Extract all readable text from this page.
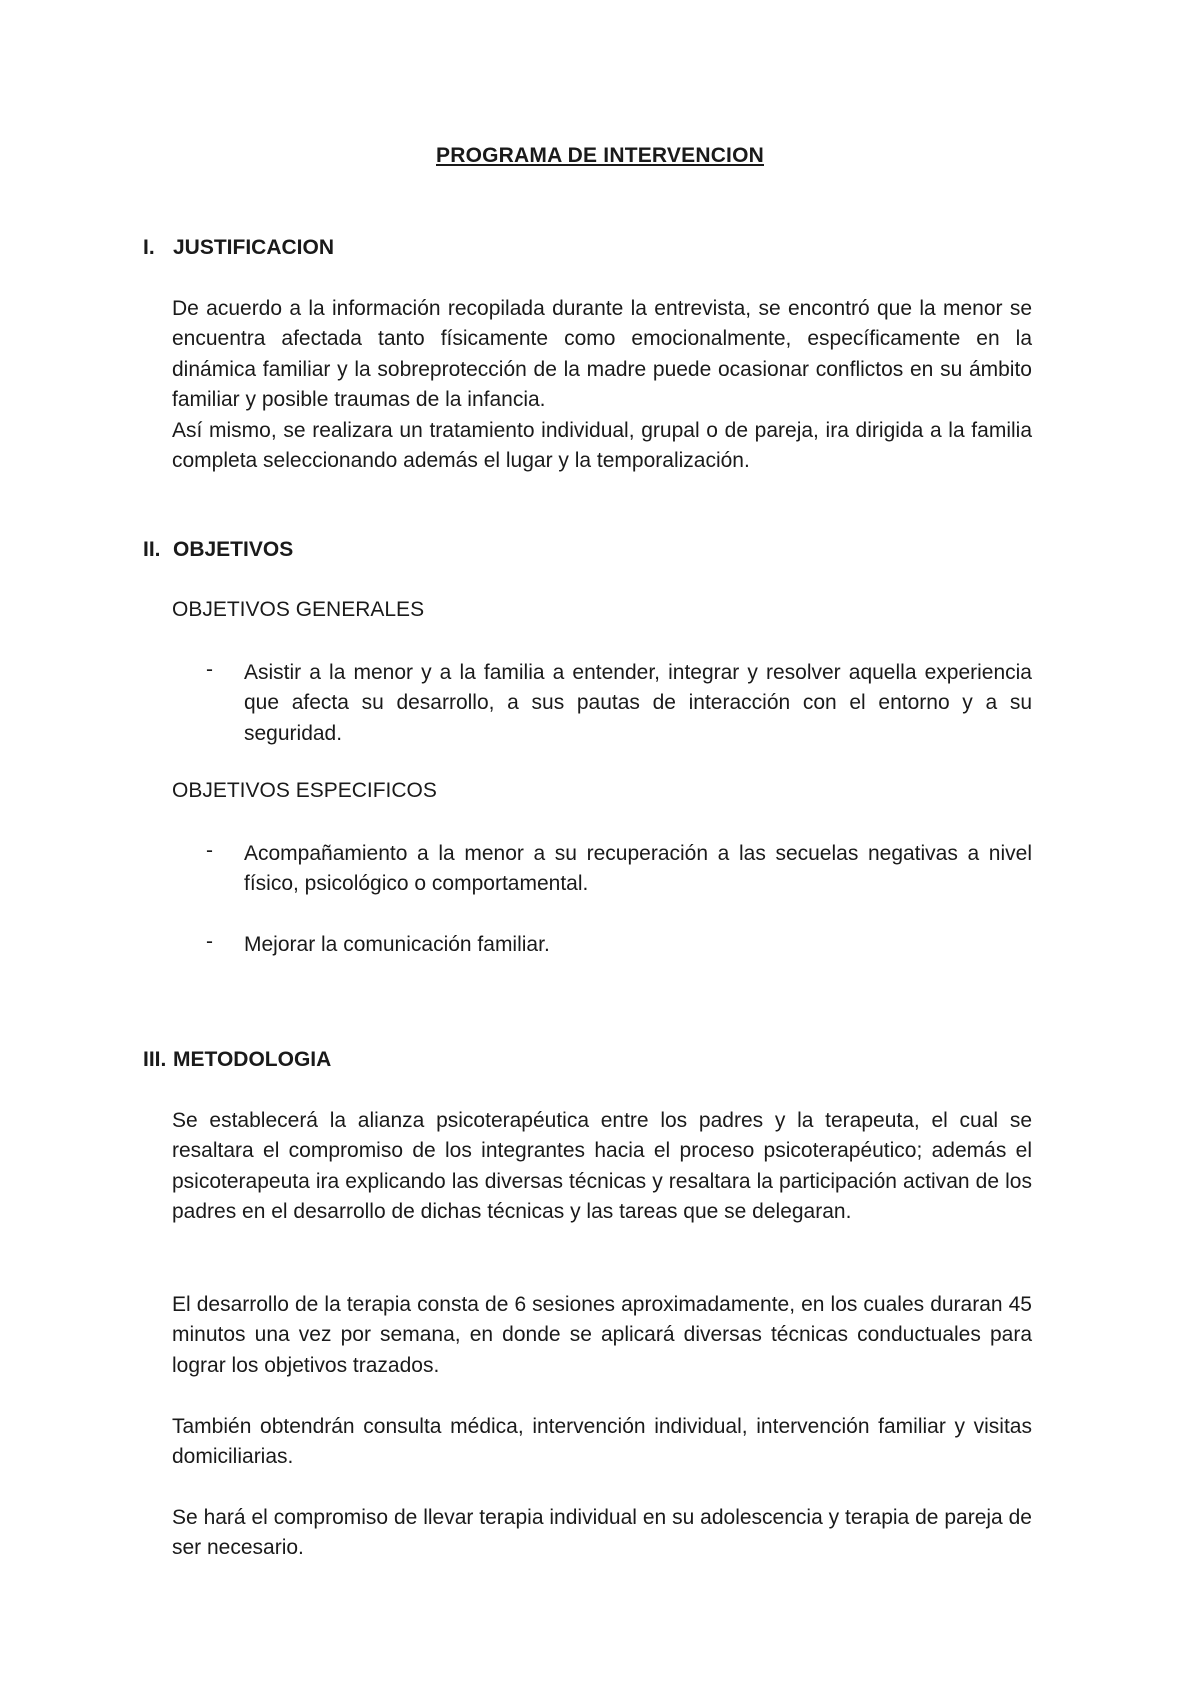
PROGRAMA DE INTERVENCION
I. JUSTIFICACION
De acuerdo a la información recopilada durante la entrevista, se encontró que la menor se encuentra afectada tanto físicamente como emocionalmente, específicamente en la dinámica familiar y la sobreprotección de la madre puede ocasionar conflictos en su ámbito familiar y posible traumas de la infancia.
Así mismo, se realizara un tratamiento individual, grupal o de pareja, ira dirigida a la familia completa seleccionando además el lugar y la temporalización.
II. OBJETIVOS
OBJETIVOS GENERALES
- Asistir a la menor y a la familia a entender, integrar y resolver aquella experiencia que afecta su desarrollo, a sus pautas de interacción con el entorno y a su seguridad.
OBJETIVOS ESPECIFICOS
- Acompañamiento a la menor a su recuperación a las secuelas negativas a nivel físico, psicológico o comportamental.
- Mejorar la comunicación familiar.
III. METODOLOGIA
Se establecerá la alianza psicoterapéutica entre los padres y la terapeuta, el cual se resaltara el compromiso de los integrantes hacia el proceso psicoterapéutico; además el psicoterapeuta ira explicando las diversas técnicas y resaltara la participación activan de los padres en el desarrollo de dichas técnicas y las tareas que se delegaran.
El desarrollo de la terapia consta de 6 sesiones aproximadamente, en los cuales duraran 45 minutos una vez por semana, en donde se aplicará diversas técnicas conductuales para lograr los objetivos trazados.
También obtendrán consulta médica, intervención individual, intervención familiar y visitas domiciliarias.
Se hará el compromiso de llevar terapia individual en su adolescencia y terapia de pareja de ser necesario.
